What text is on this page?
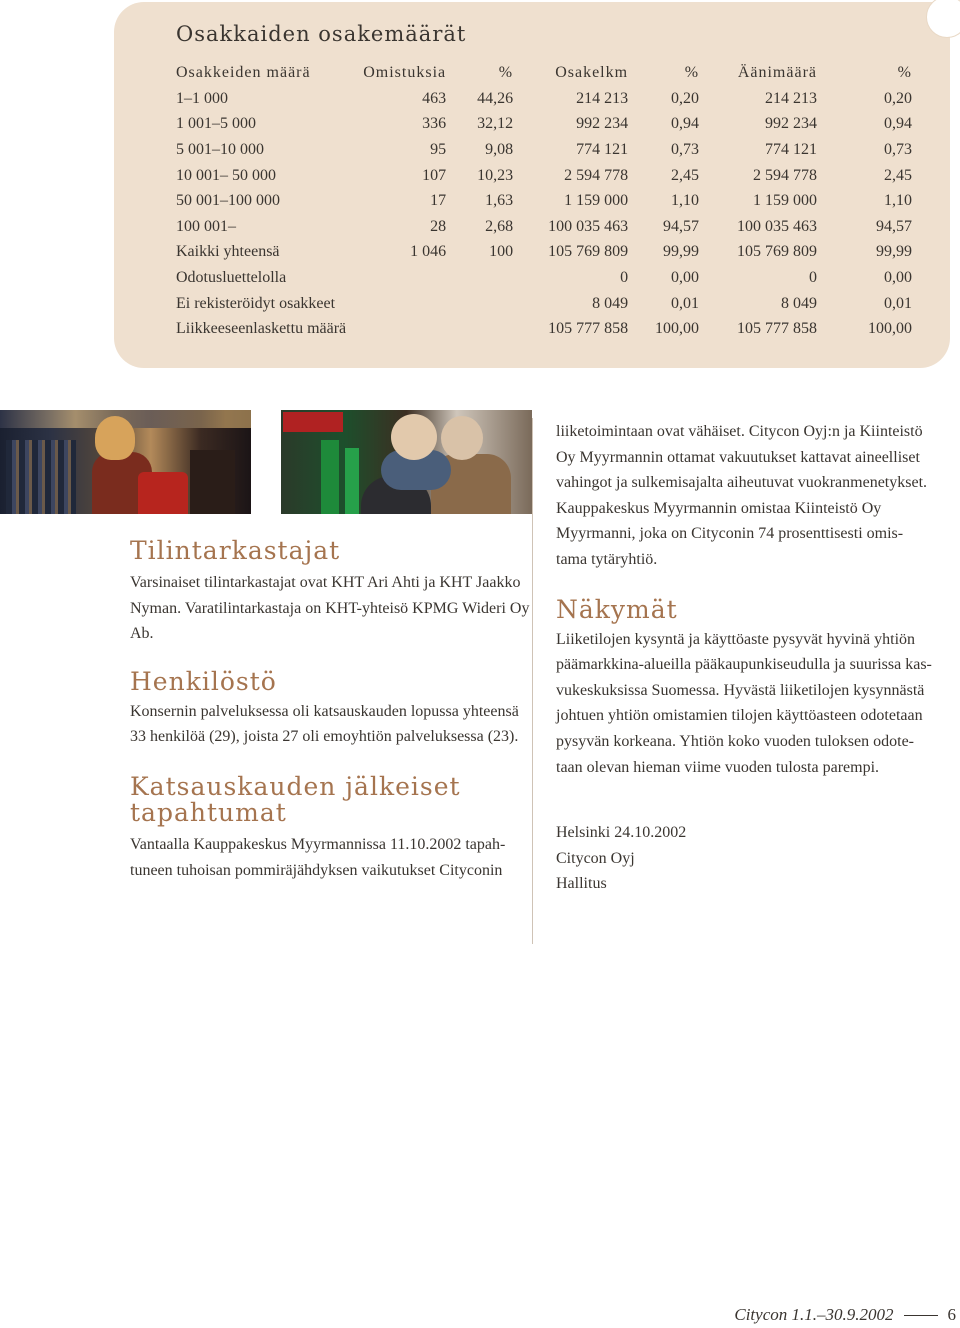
Osakkaiden osakemäärät
Osakkeiden määrä	Omistuksia	%	Osakelkm	%	Äänimäärä	%
1–1 000	463	44,26	214 213	0,20	214 213	0,20
1 001–5 000	336	32,12	992 234	0,94	992 234	0,94
5 001–10 000	95	9,08	774 121	0,73	774 121	0,73
10 001– 50 000	107	10,23	2 594 778	2,45	2 594 778	2,45
50 001–100 000	17	1,63	1 159 000	1,10	1 159 000	1,10
100 001–	28	2,68	100 035 463	94,57	100 035 463	94,57
Kaikki yhteensä	1 046	100	105 769 809	99,99	105 769 809	99,99
Odotusluettelolla			0	0,00	0	0,00
Ei rekisteröidyt osakkeet			8 049	0,01	8 049	0,01
Liikkeeseenlaskettu määrä			105 777 858	100,00	105 777 858	100,00
Tilintarkastajat

Varsinaiset tilintarkastajat ovat KHT Ari Ahti ja KHT Jaakko Nyman. Varatilintarkastaja on KHT-yhteisö KPMG Wideri Oy Ab.

Henkilöstö

Konsernin palveluksessa oli katsauskauden lopussa yhteensä 33 henkilöä (29), joista 27 oli emoyhtiön palveluksessa (23).

Katsauskauden jälkeiset
tapahtumat

Vantaalla Kauppakeskus Myyrmannissa 11.10.2002 tapah-
tuneen tuhoisan pommiräjähdyksen vaikutukset Cityconin

liiketoimintaan ovat vähäiset. Citycon Oyj:n ja Kiinteistö
Oy Myyrmannin ottamat vakuutukset kattavat aineelliset
vahingot ja sulkemisajalta aiheutuvat vuokranmenetykset.
Kauppakeskus Myyrmannin omistaa Kiinteistö Oy
Myyrmanni, joka on Cityconin 74 prosenttisesti omis-
tama tytäryhtiö.

Näkymät

Liiketilojen kysyntä ja käyttöaste pysyvät hyvinä yhtiön
päämarkkina-alueilla pääkaupunkiseudulla ja suurissa kas-
vukeskuksissa Suomessa. Hyvästä liiketilojen kysynnästä
johtuen yhtiön omistamien tilojen käyttöasteen odotetaan
pysyvän korkeana. Yhtiön koko vuoden tuloksen odote-
taan olevan hieman viime vuoden tulosta parempi.

Helsinki 24.10.2002
Citycon Oyj
Hallitus
Citycon 1.1.–30.9.2002	6
